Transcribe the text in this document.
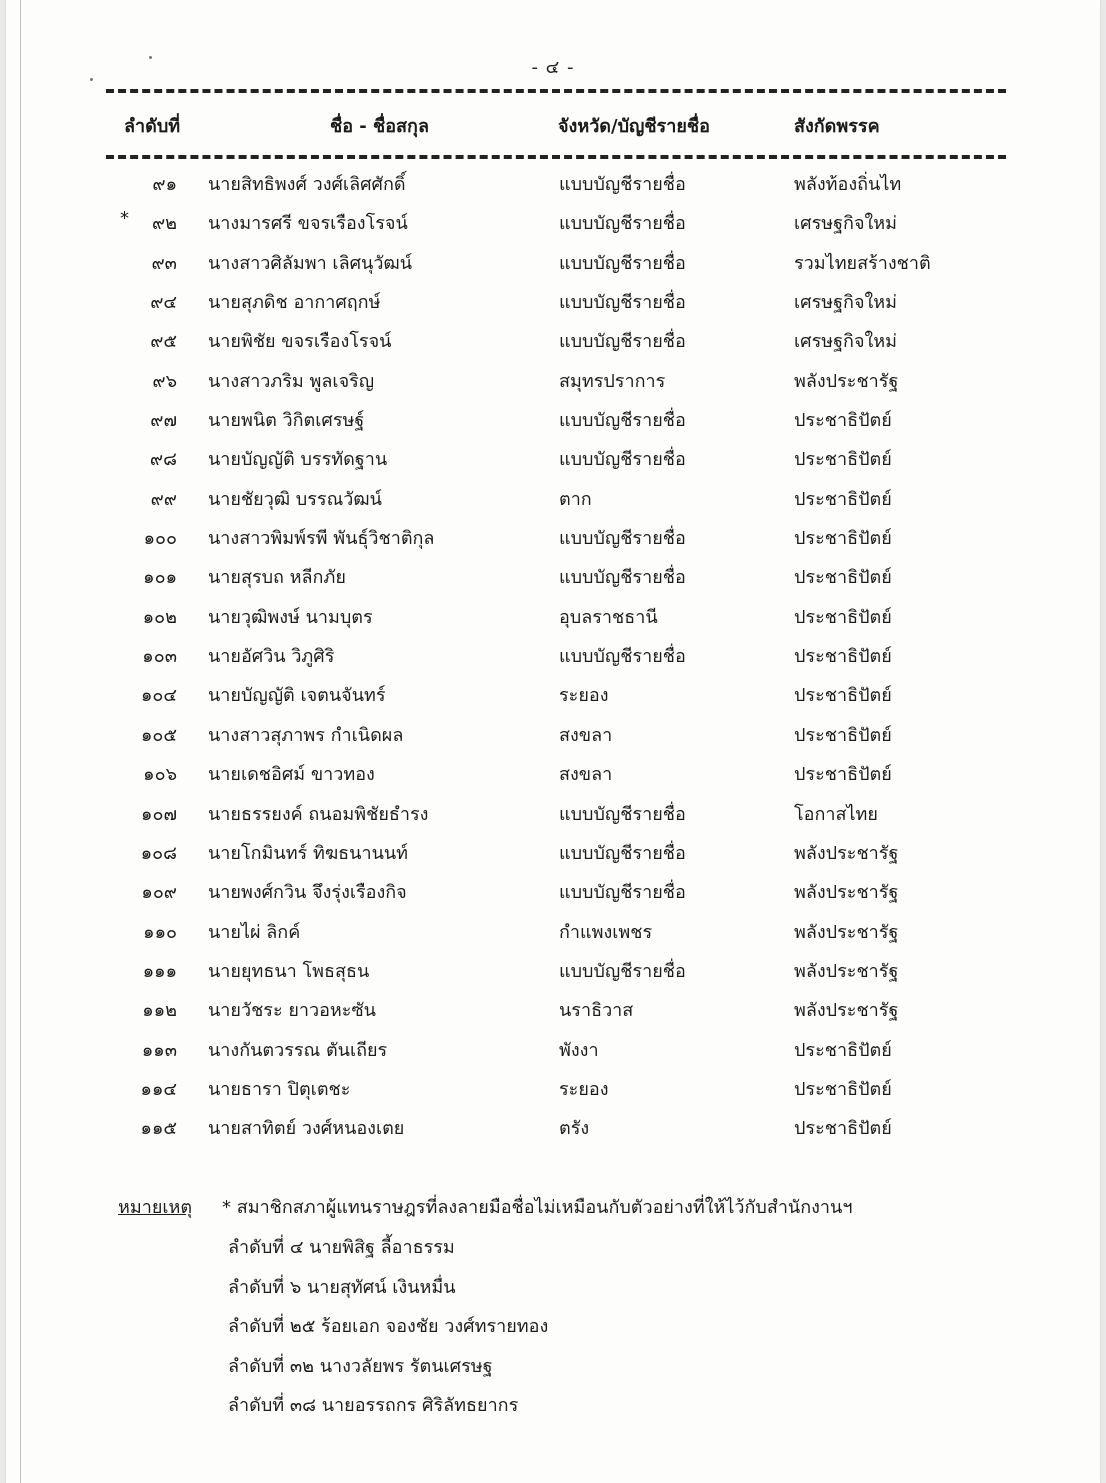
- ๔ -
ลำดับที่	ชื่อ - ชื่อสกุล	จังหวัด/บัญชีรายชื่อ	สังกัดพรรค
๙๑ นายสิทธิพงศ์ วงศ์เลิศศักดิ์	แบบบัญชีรายชื่อ	พลังท้องถิ่นไท
*	๙๒ นางมารศรี ขจรเรืองโรจน์	แบบบัญชีรายชื่อ	เศรษฐกิจใหม่
๙๓ นางสาวศิลัมพา เลิศนุวัฒน์	แบบบัญชีรายชื่อ	รวมไทยสร้างชาติ
๙๔ นายสุภดิช อากาศฤกษ์	แบบบัญชีรายชื่อ	เศรษฐกิจใหม่
๙๕ นายพิชัย ขจรเรืองโรจน์	แบบบัญชีรายชื่อ	เศรษฐกิจใหม่
๙๖ นางสาวภริม พูลเจริญ	สมุทรปราการ	พลังประชารัฐ
๙๗ นายพนิต วิกิตเศรษฐ์	แบบบัญชีรายชื่อ	ประชาธิปัตย์
๙๘ นายบัญญัติ บรรทัดฐาน	แบบบัญชีรายชื่อ	ประชาธิปัตย์
๙๙ นายชัยวุฒิ บรรณวัฒน์	ตาก	ประชาธิปัตย์
๑๐๐ นางสาวพิมพ์รพี พันธุ์วิชาติกุล	แบบบัญชีรายชื่อ	ประชาธิปัตย์
๑๐๑ นายสุรบถ หลีกภัย	แบบบัญชีรายชื่อ	ประชาธิปัตย์
๑๐๒ นายวุฒิพงษ์ นามบุตร	อุบลราชธานี	ประชาธิปัตย์
๑๐๓ นายอัศวิน วิภูศิริ	แบบบัญชีรายชื่อ	ประชาธิปัตย์
๑๐๔ นายบัญญัติ เจตนจันทร์	ระยอง	ประชาธิปัตย์
๑๐๕ นางสาวสุภาพร กำเนิดผล	สงขลา	ประชาธิปัตย์
๑๐๖ นายเดชอิศม์ ขาวทอง	สงขลา	ประชาธิปัตย์
๑๐๗ นายธรรยงค์ ถนอมพิชัยธำรง	แบบบัญชีรายชื่อ	โอกาสไทย
๑๐๘ นายโกมินทร์ ทิฆธนานนท์	แบบบัญชีรายชื่อ	พลังประชารัฐ
๑๐๙ นายพงศ์กวิน จึงรุ่งเรืองกิจ	แบบบัญชีรายชื่อ	พลังประชารัฐ
๑๑๐ นายไผ่ ลิกค์	กำแพงเพชร	พลังประชารัฐ
๑๑๑ นายยุทธนา โพธสุธน	แบบบัญชีรายชื่อ	พลังประชารัฐ
๑๑๒ นายวัชระ ยาวอหะซัน	นราธิวาส	พลังประชารัฐ
๑๑๓ นางกันตวรรณ ตันเถียร	พังงา	ประชาธิปัตย์
๑๑๔ นายธารา ปิตุเตชะ	ระยอง	ประชาธิปัตย์
๑๑๕ นายสาทิตย์ วงศ์หนองเตย	ตรัง	ประชาธิปัตย์
หมายเหตุ * สมาชิกสภาผู้แทนราษฎรที่ลงลายมือชื่อไม่เหมือนกับตัวอย่างที่ให้ไว้กับสำนักงานฯ
ลำดับที่ ๔ นายพิสิฐ ลี้อาธรรม
ลำดับที่ ๖ นายสุทัศน์ เงินหมื่น
ลำดับที่ ๒๕ ร้อยเอก จองชัย วงศ์ทรายทอง
ลำดับที่ ๓๒ นางวลัยพร รัตนเศรษฐ
ลำดับที่ ๓๘ นายอรรถกร ศิริลัทธยากร
